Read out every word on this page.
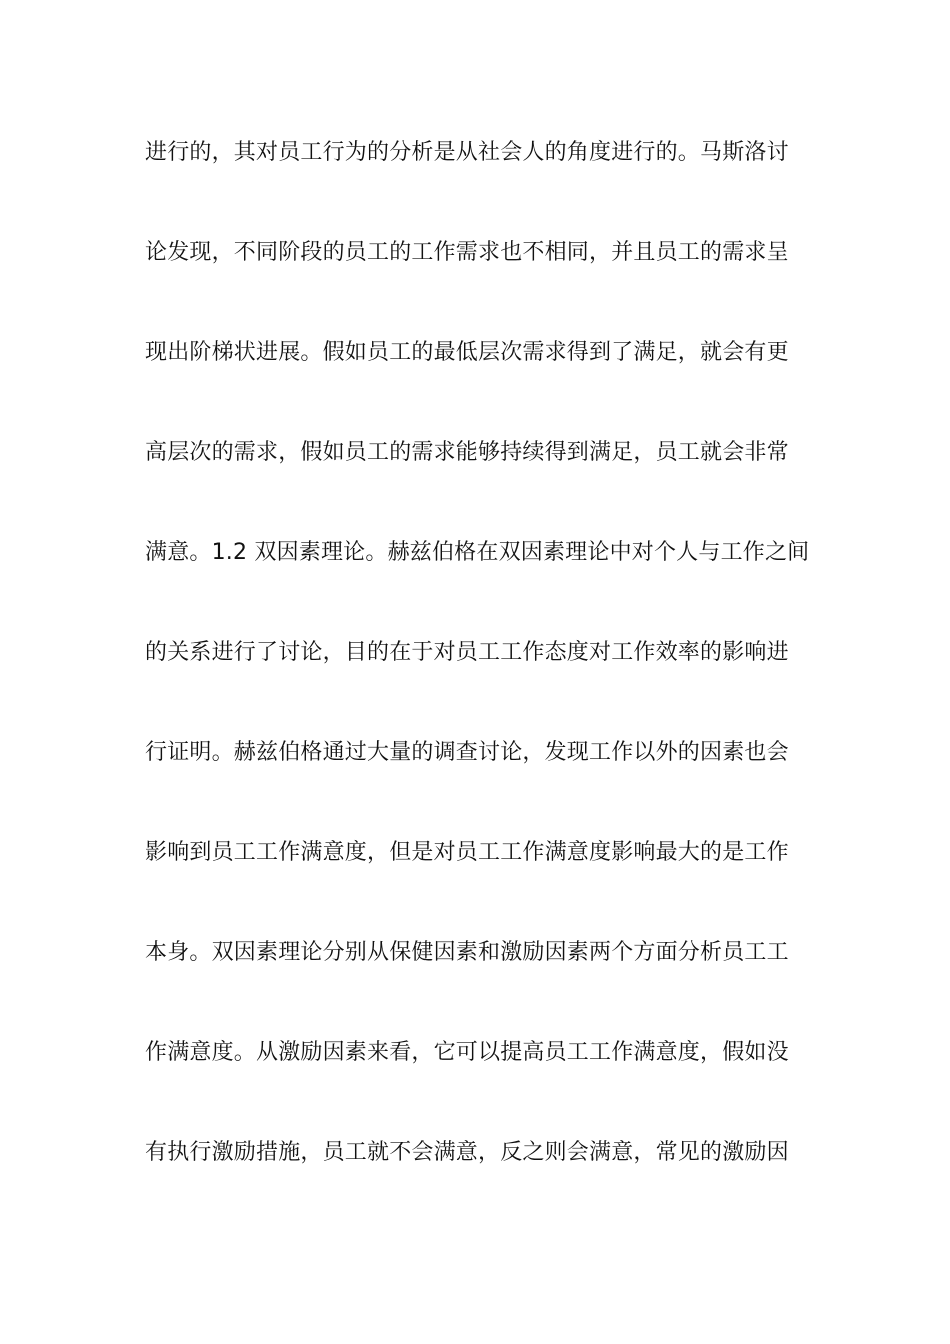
进行的，其对员工行为的分析是从社会人的角度进行的。马斯洛讨
论发现，不同阶段的员工的工作需求也不相同，并且员工的需求呈
现出阶梯状进展。假如员工的最低层次需求得到了满足，就会有更
高层次的需求，假如员工的需求能够持续得到满足，员工就会非常
满意。1.2 双因素理论。赫兹伯格在双因素理论中对个人与工作之间
的关系进行了讨论，目的在于对员工工作态度对工作效率的影响进
行证明。赫兹伯格通过大量的调查讨论，发现工作以外的因素也会
影响到员工工作满意度，但是对员工工作满意度影响最大的是工作
本身。双因素理论分别从保健因素和激励因素两个方面分析员工工
作满意度。从激励因素来看，它可以提高员工工作满意度，假如没
有执行激励措施，员工就不会满意，反之则会满意，常见的激励因
